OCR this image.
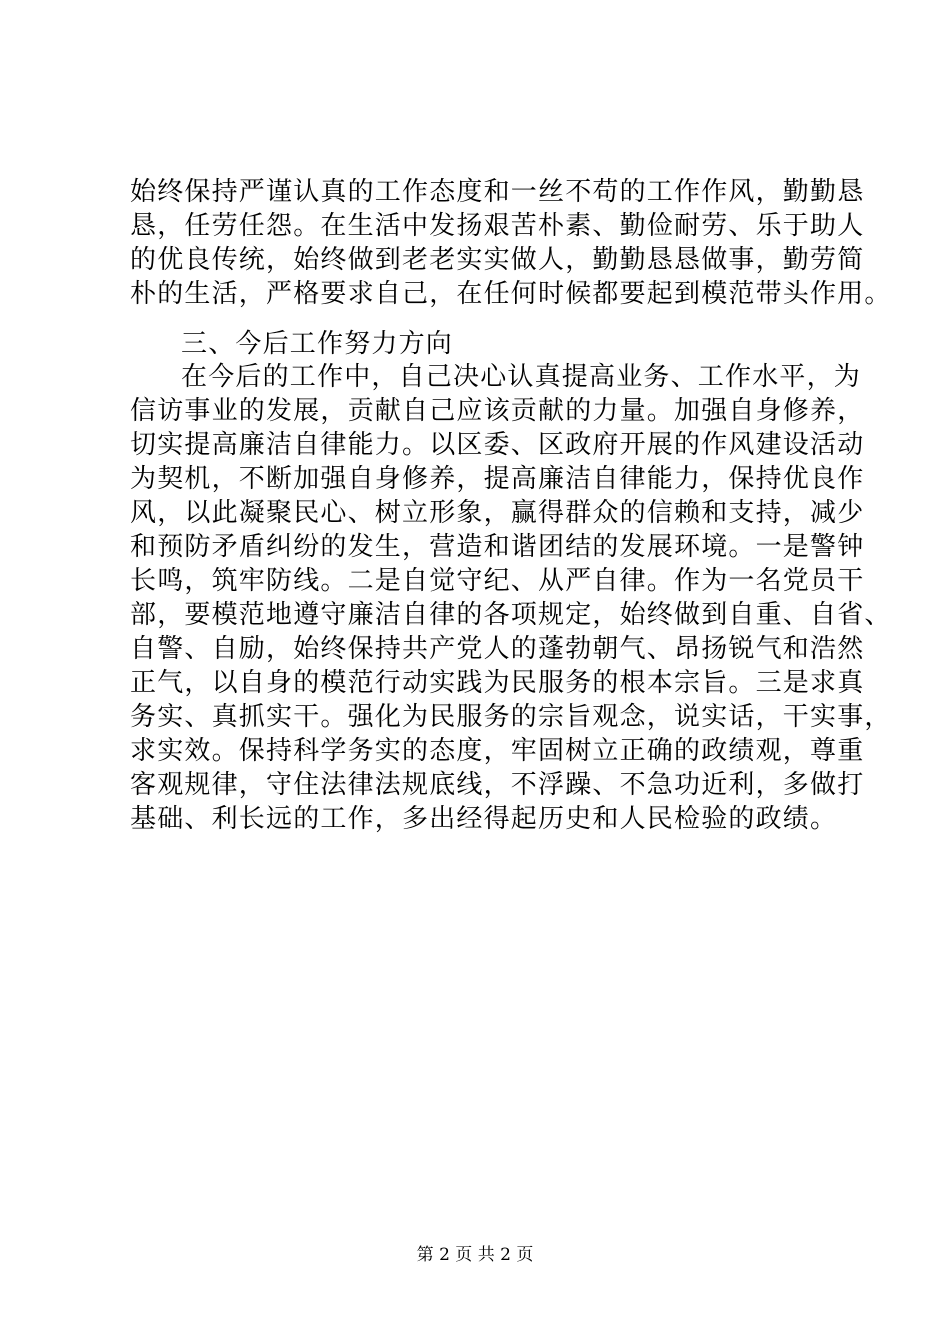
始终保持严谨认真的工作态度和一丝不苟的工作作风，勤勤恳
恳，任劳任怨。在生活中发扬艰苦朴素、勤俭耐劳、乐于助人
的优良传统，始终做到老老实实做人，勤勤恳恳做事，勤劳简
朴的生活，严格要求自己，在任何时候都要起到模范带头作用。
三、今后工作努力方向
在今后的工作中，自己决心认真提高业务、工作水平，为
信访事业的发展，贡献自己应该贡献的力量。加强自身修养，
切实提高廉洁自律能力。以区委、区政府开展的作风建设活动
为契机，不断加强自身修养，提高廉洁自律能力，保持优良作
风，以此凝聚民心、树立形象，赢得群众的信赖和支持，减少
和预防矛盾纠纷的发生，营造和谐团结的发展环境。一是警钟
长鸣，筑牢防线。二是自觉守纪、从严自律。作为一名党员干
部，要模范地遵守廉洁自律的各项规定，始终做到自重、自省、
自警、自励，始终保持共产党人的蓬勃朝气、昂扬锐气和浩然
正气，以自身的模范行动实践为民服务的根本宗旨。三是求真
务实、真抓实干。强化为民服务的宗旨观念，说实话，干实事，
求实效。保持科学务实的态度，牢固树立正确的政绩观，尊重
客观规律，守住法律法规底线，不浮躁、不急功近利，多做打
基础、利长远的工作，多出经得起历史和人民检验的政绩。
第 2 页 共 2 页
